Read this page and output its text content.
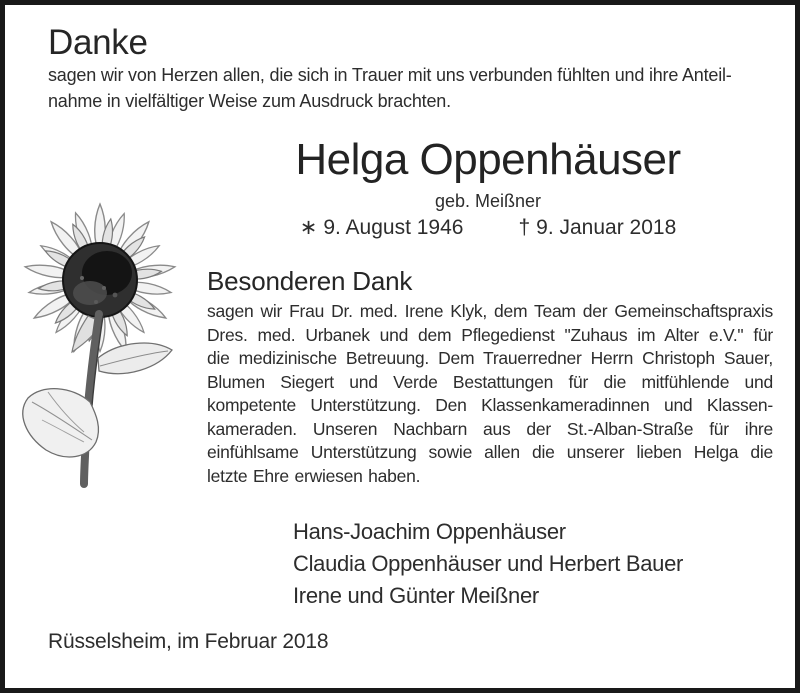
Danke
sagen wir von Herzen allen, die sich in Trauer mit uns verbunden fühlten und ihre Anteil-
nahme in vielfältiger Weise zum Ausdruck brachten.
Helga Oppenhäuser
geb. Meißner
∗ 9. August 1946	† 9. Januar 2018
Besonderen Dank
sagen wir Frau Dr. med. Irene Klyk, dem Team der Gemeinschaftspraxis
Dres. med. Urbanek und dem Pflegedienst "Zuhaus im Alter e.V." für
die medizinische Betreuung. Dem Trauerredner Herrn Christoph Sauer,
Blumen Siegert und Verde Bestattungen für die mitfühlende und
kompetente Unterstützung. Den Klassenkameradinnen und Klassen-
kameraden. Unseren Nachbarn aus der St.-Alban-Straße für ihre
einfühlsame Unterstützung sowie allen die unserer lieben Helga die
letzte Ehre erwiesen haben.
Hans-Joachim Oppenhäuser
Claudia Oppenhäuser und Herbert Bauer
Irene und Günter Meißner
Rüsselsheim, im Februar 2018
